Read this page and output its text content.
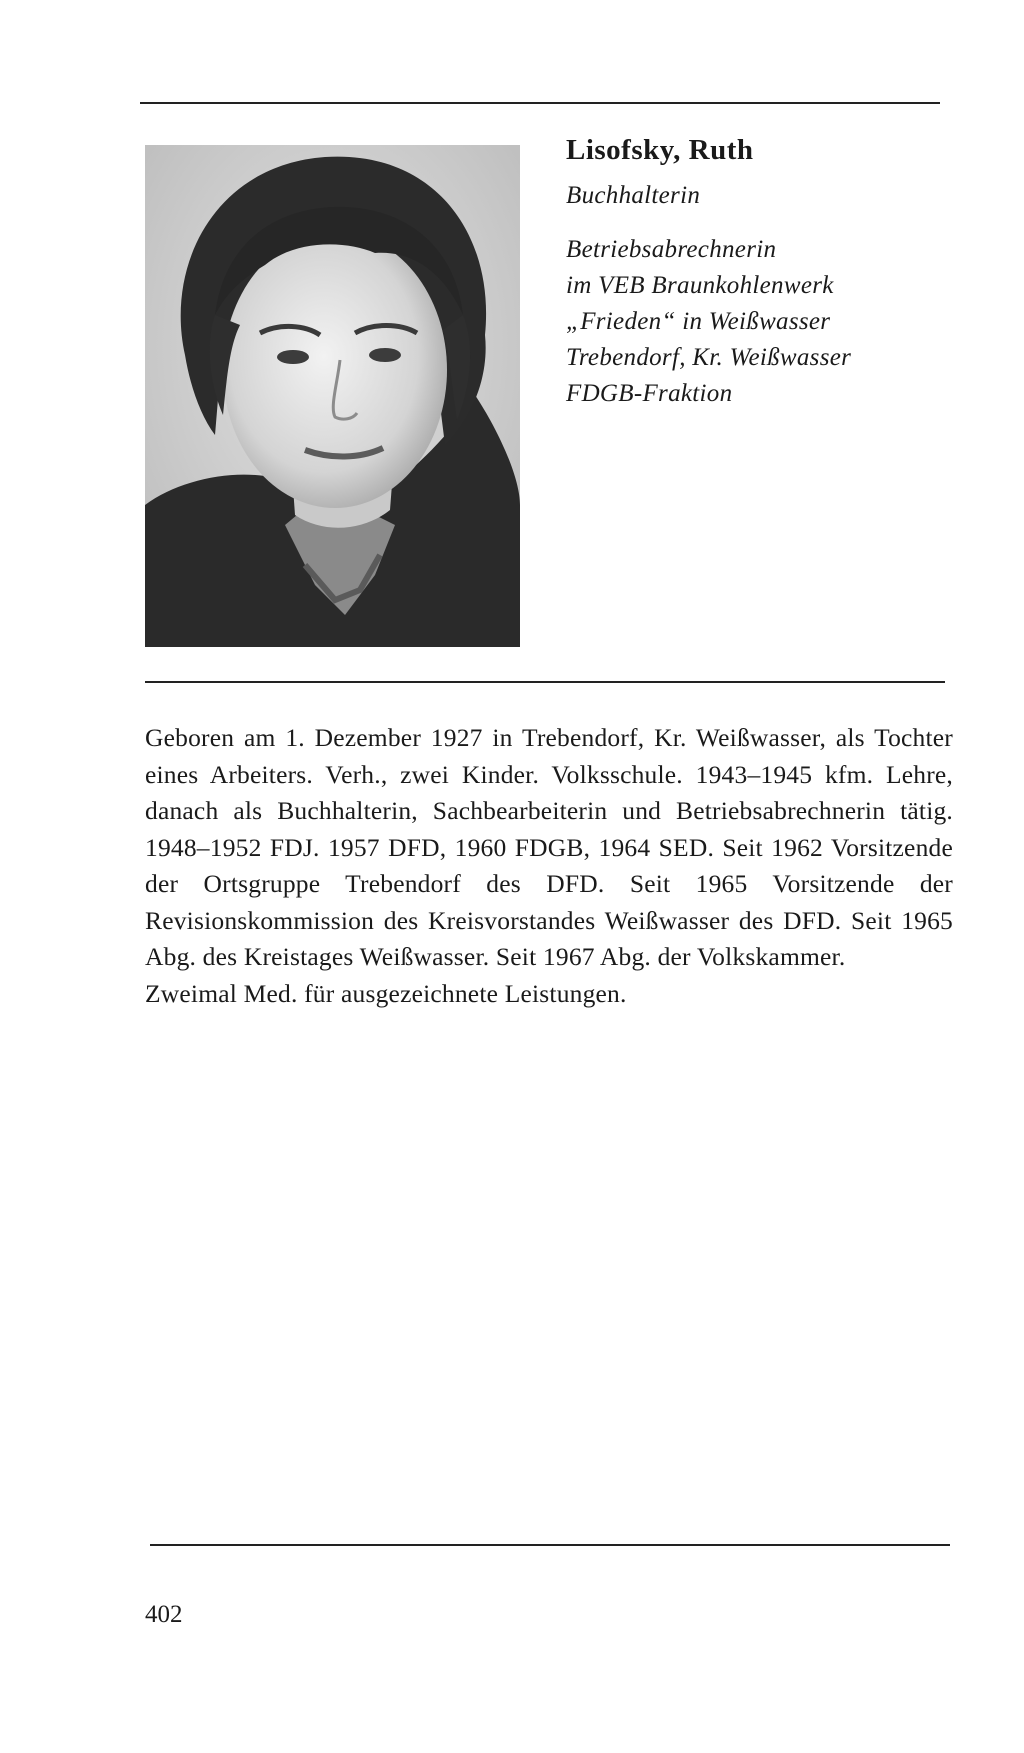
Lisofsky, Ruth
Buchhalterin
Betriebsabrechnerin
im VEB Braunkohlenwerk
„Frieden“ in Weißwasser
Trebendorf, Kr. Weißwasser
FDGB-Fraktion

Geboren am 1. Dezember 1927 in Trebendorf, Kr. Weißwasser, als Tochter eines Arbeiters. Verh., zwei Kinder. Volksschule. 1943–1945 kfm. Lehre, danach als Buchhalterin, Sachbearbeiterin und Betriebsabrechnerin tätig. 1948–1952 FDJ. 1957 DFD, 1960 FDGB, 1964 SED. Seit 1962 Vorsitzende der Ortsgruppe Trebendorf des DFD. Seit 1965 Vorsitzende der Revisionskommission des Kreisvorstandes Weißwasser des DFD. Seit 1965 Abg. des Kreistages Weißwasser. Seit 1967 Abg. der Volkskammer.

Zweimal Med. für ausgezeichnete Leistungen.

402
